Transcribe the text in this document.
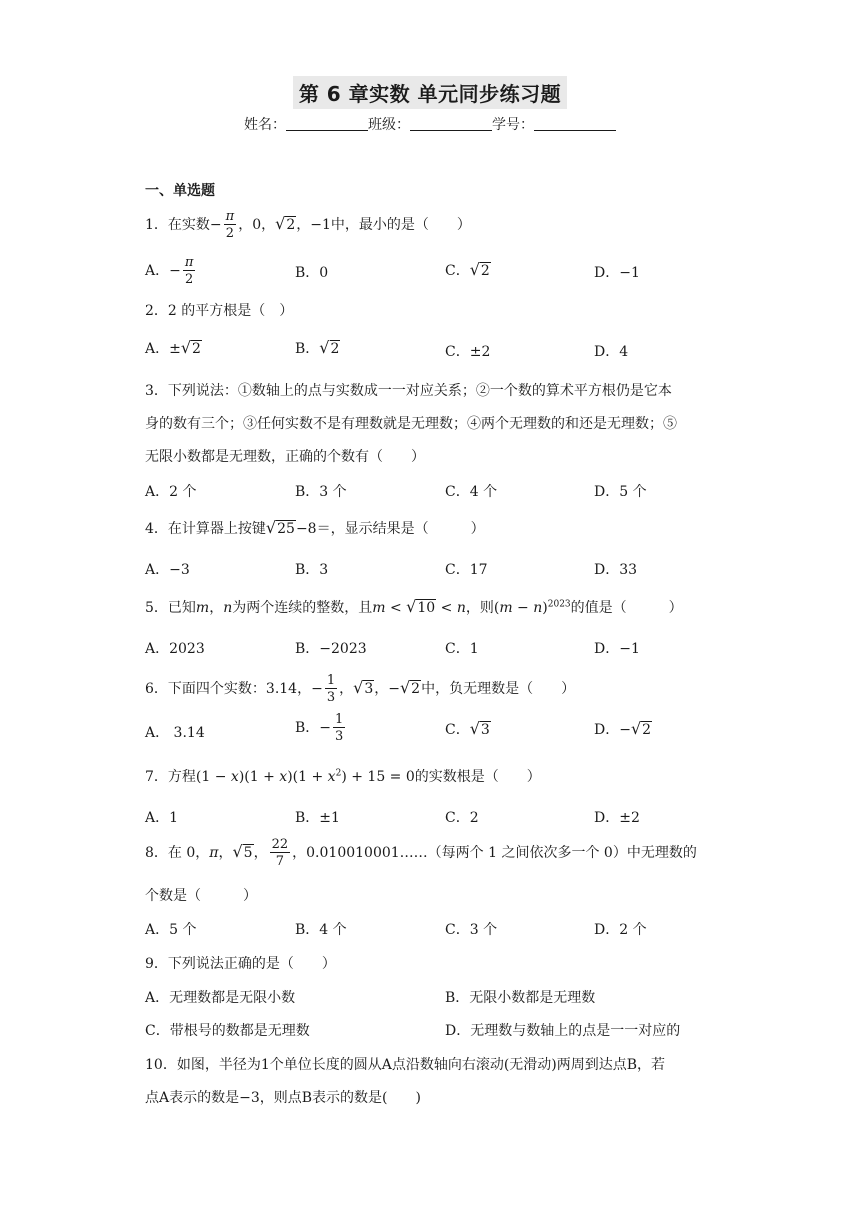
第 6 章实数 单元同步练习题
姓名：	班级：	学号：
一、单选题
1．在实数− $\frac{\pi}{2}$ ，0，√2，−1中，最小的是（　　）
A．− $\frac{\pi}{2}$	B．0	C．√2	D．−1
2．2 的平方根是（　）
A．±√2	B．√2	C．±2	D．4
3．下列说法：①数轴上的点与实数成一一对应关系；②一个数的算术平方根仍是它本
身的数有三个；③任何实数不是有理数就是无理数；④两个无理数的和还是无理数；⑤
无限小数都是无理数，正确的个数有（　　）
A．2 个	B．3 个	C．4 个	D．5 个
4．在计算器上按键√25−8＝，显示结果是（　　　）
A．−3	B．3	C．17	D．33
5．已知m，n为两个连续的整数，且m < √10 < n，则$(m - n)^{2023}$的值是（　　　）
A．2023	B．−2023	C．1	D．−1
6．下面四个实数：3.14，− $\frac{1}{3}$ ，√3，−√2中，负无理数是（　　）
A． 3.14	B．− $\frac{1}{3}$	C．√3	D．−√2
7．方程$(1 - x)(1 + x)(1 + x^2) + 15 = 0$的实数根是（　　）
A．1	B．±1	C．2	D．±2
8．在 0，π，√5， $\frac{22}{7}$ ，0.010010001……（每两个 1 之间依次多一个 0）中无理数的
个数是（　　　）
A．5 个	B．4 个	C．3 个	D．2 个
9．下列说法正确的是（　　）
A．无理数都是无限小数	B．无限小数都是无理数
C．带根号的数都是无理数	D．无理数与数轴上的点是一一对应的
10．如图，半径为1个单位长度的圆从A点沿数轴向右滚动(无滑动)两周到达点B，若
点A表示的数是−3，则点B表示的数是(　　)
